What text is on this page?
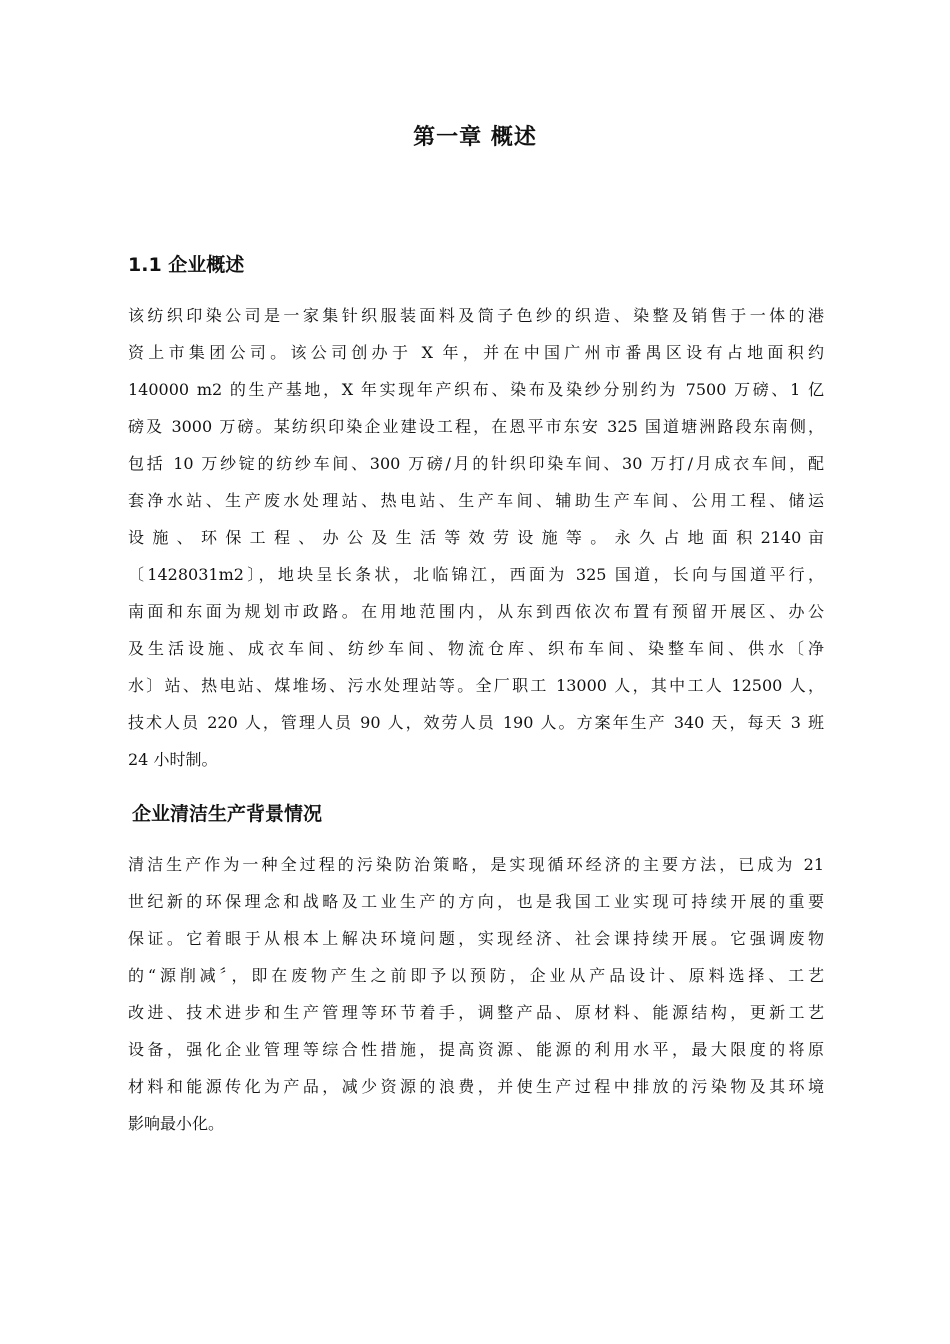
第一章 概述
1.1 企业概述
该纺织印染公司是一家集针织服装面料及筒子色纱的织造、染整及销售于一体的港
资上市集团公司。该公司创办于 X 年，并在中国广州市番禺区设有占地面积约
140000 m2 的生产基地，X 年实现年产织布、染布及染纱分别约为 7500 万磅、1 亿
磅及 3000 万磅。某纺织印染企业建设工程，在恩平市东安 325 国道塘洲路段东南侧，
包括 10 万纱锭的纺纱车间、300 万磅/月的针织印染车间、30 万打/月成衣车间，配
套净水站、生产废水处理站、热电站、生产车间、辅助生产车间、公用工程、储运
设 施 、 环 保 工 程 、 办 公 及 生 活 等 效 劳 设 施 等 。 永 久 占 地 面 积 2140 亩
〔1428031m2〕，地块呈长条状，北临锦江，西面为 325 国道，长向与国道平行，
南面和东面为规划市政路。在用地范围内，从东到西依次布置有预留开展区、办公
及生活设施、成衣车间、纺纱车间、物流仓库、织布车间、染整车间、供水〔净
水〕站、热电站、煤堆场、污水处理站等。全厂职工 13000 人，其中工人 12500 人，
技术人员 220 人，管理人员 90 人，效劳人员 190 人。方案年生产 340 天，每天 3 班
24 小时制。
企业清洁生产背景情况
清洁生产作为一种全过程的污染防治策略，是实现循环经济的主要方法，已成为 21
世纪新的环保理念和战略及工业生产的方向，也是我国工业实现可持续开展的重要
保证。它着眼于从根本上解决环境问题，实现经济、社会课持续开展。它强调废物
的“源削减〞，即在废物产生之前即予以预防，企业从产品设计、原料选择、工艺
改进、技术进步和生产管理等环节着手，调整产品、原材料、能源结构，更新工艺
设备，强化企业管理等综合性措施，提高资源、能源的利用水平，最大限度的将原
材料和能源传化为产品，减少资源的浪费，并使生产过程中排放的污染物及其环境
影响最小化。
